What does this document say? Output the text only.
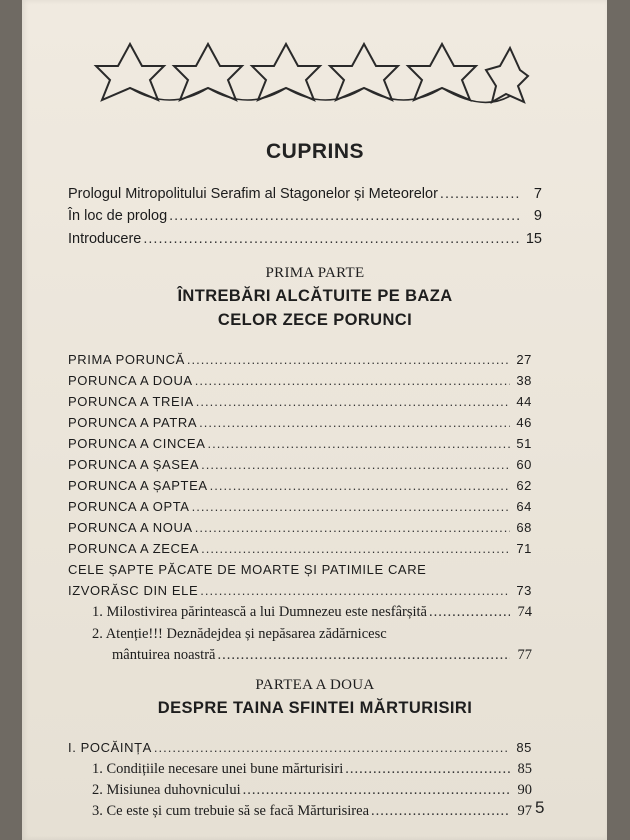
CUPRINS
Prologul Mitropolitului Serafim al Stagonelor și Meteorelor .....	7
În loc de prolog .....	9
Introducere .....	15
PRIMA PARTE
ÎNTREBĂRI ALCĂTUITE PE BAZA
CELOR ZECE PORUNCI
PRIMA PORUNCĂ .....	27
PORUNCA A DOUA .....	38
PORUNCA A TREIA .....	44
PORUNCA A PATRA .....	46
PORUNCA A CINCEA .....	51
PORUNCA A ȘASEA .....	60
PORUNCA A ȘAPTEA .....	62
PORUNCA A OPTA .....	64
PORUNCA A NOUA .....	68
PORUNCA A ZECEA .....	71
CELE ȘAPTE PĂCATE DE MOARTE ȘI PATIMILE CARE
IZVORĂSC DIN ELE .....	73
1. Milostivirea părintească a lui Dumnezeu este nesfârșită .....	74
2. Atenție!!! Deznădejdea și nepăsarea zădărnicesc
mântuirea noastră .....	77
PARTEA A DOUA
DESPRE TAINA SFINTEI MĂRTURISIRI
I. POCĂINȚA .....	85
1. Condițiile necesare unei bune mărturisiri .....	85
2. Misiunea duhovnicului .....	90
3. Ce este și cum trebuie să se facă Mărturisirea .....	97 5
